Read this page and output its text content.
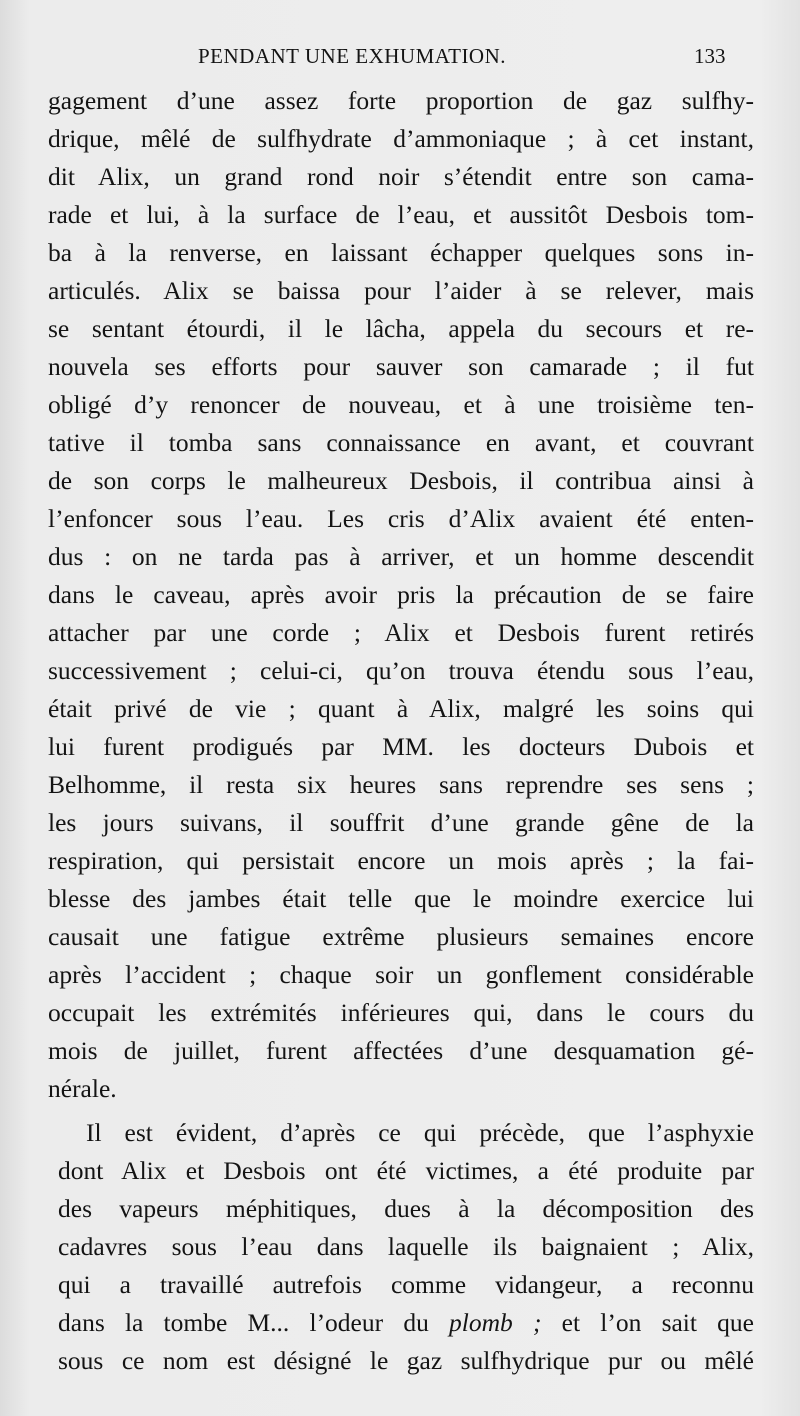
PENDANT UNE EXHUMATION.	133
gagement d’une assez forte proportion de gaz sulfhy-
drique, mêlé de sulfhydrate d’ammoniaque ; à cet instant,
dit Alix, un grand rond noir s’étendit entre son cama-
rade et lui, à la surface de l’eau, et aussitôt Desbois tom-
ba à la renverse, en laissant échapper quelques sons in-
articulés. Alix se baissa pour l’aider à se relever, mais
se sentant étourdi, il le lâcha, appela du secours et re-
nouvela ses efforts pour sauver son camarade ; il fut
obligé d’y renoncer de nouveau, et à une troisième ten-
tative il tomba sans connaissance en avant, et couvrant
de son corps le malheureux Desbois, il contribua ainsi à
l’enfoncer sous l’eau. Les cris d’Alix avaient été enten-
dus : on ne tarda pas à arriver, et un homme descendit
dans le caveau, après avoir pris la précaution de se faire
attacher par une corde ; Alix et Desbois furent retirés
successivement ; celui-ci, qu’on trouva étendu sous l’eau,
était privé de vie ; quant à Alix, malgré les soins qui
lui furent prodigués par MM. les docteurs Dubois et
Belhomme, il resta six heures sans reprendre ses sens ;
les jours suivans, il souffrit d’une grande gêne de la
respiration, qui persistait encore un mois après ; la fai-
blesse des jambes était telle que le moindre exercice lui
causait une fatigue extrême plusieurs semaines encore
après l’accident ; chaque soir un gonflement considérable
occupait les extrémités inférieures qui, dans le cours du
mois de juillet, furent affectées d’une desquamation gé-
nérale.
Il est évident, d’après ce qui précède, que l’asphyxie
dont Alix et Desbois ont été victimes, a été produite par
des vapeurs méphitiques, dues à la décomposition des
cadavres sous l’eau dans laquelle ils baignaient ; Alix,
qui a travaillé autrefois comme vidangeur, a reconnu
dans la tombe M... l’odeur du plomb ; et l’on sait que
sous ce nom est désigné le gaz sulfhydrique pur ou mêlé
